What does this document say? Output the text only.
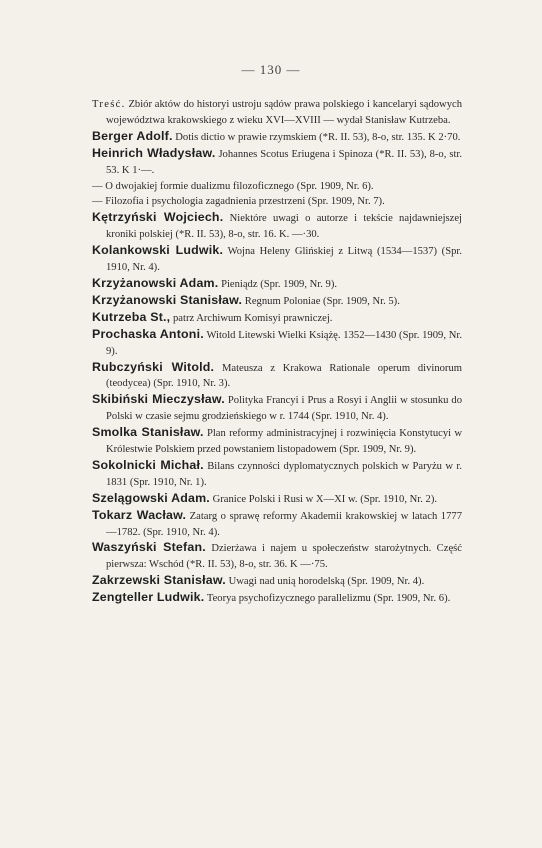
— 130 —

Treść. Zbiór aktów do historyi ustroju sądów prawa polskiego i kancelaryi sądowych województwa krakowskiego z wieku XVI—XVIII — wydał Stanisław Kutrzeba.

Berger Adolf. Dotis dictio w prawie rzymskiem (*R. II. 53), 8-o, str. 135. K 2·70.

Heinrich Władysław. Johannes Scotus Eriugena i Spinoza (*R. II. 53), 8-o, str. 53. K 1·—.

— O dwojakiej formie dualizmu filozoficznego (Spr. 1909, Nr. 6).

— Filozofia i psychologia zagadnienia przestrzeni (Spr. 1909, Nr. 7).

Kętrzyński Wojciech. Niektóre uwagi o autorze i tekście najdawniejszej kroniki polskiej (*R. II. 53), 8-o, str. 16. K. —·30.

Kolankowski Ludwik. Wojna Heleny Glińskiej z Litwą (1534—1537) (Spr. 1910, Nr. 4).

Krzyżanowski Adam. Pieniądz (Spr. 1909, Nr. 9).

Krzyżanowski Stanisław. Regnum Poloniae (Spr. 1909, Nr. 5).

Kutrzeba St., patrz Archiwum Komisyi prawniczej.

Prochaska Antoni. Witold Litewski Wielki Książę. 1352—1430 (Spr. 1909, Nr. 9).

Rubczyński Witold. Mateusza z Krakowa Rationale operum divinorum (teodycea) (Spr. 1910, Nr. 3).

Skibiński Mieczysław. Polityka Francyi i Prus a Rosyi i Anglii w stosunku do Polski w czasie sejmu grodzieńskiego w r. 1744 (Spr. 1910, Nr. 4).

Smolka Stanisław. Plan reformy administracyjnej i rozwinięcia Konstytucyi w Królestwie Polskiem przed powstaniem listopadowem (Spr. 1909, Nr. 9).

Sokolnicki Michał. Bilans czynności dyplomatycznych polskich w Paryżu w r. 1831 (Spr. 1910, Nr. 1).

Szelągowski Adam. Granice Polski i Rusi w X—XI w. (Spr. 1910, Nr. 2).

Tokarz Wacław. Zatarg o sprawę reformy Akademii krakowskiej w latach 1777—1782. (Spr. 1910, Nr. 4).

Waszyński Stefan. Dzierżawa i najem u społeczeństw starożytnych. Część pierwsza: Wschód (*R. II. 53), 8-o, str. 36. K —·75.

Zakrzewski Stanisław. Uwagi nad unią horodelską (Spr. 1909, Nr. 4).

Zengteller Ludwik. Teorya psychofizycznego parallelizmu (Spr. 1909, Nr. 6).
